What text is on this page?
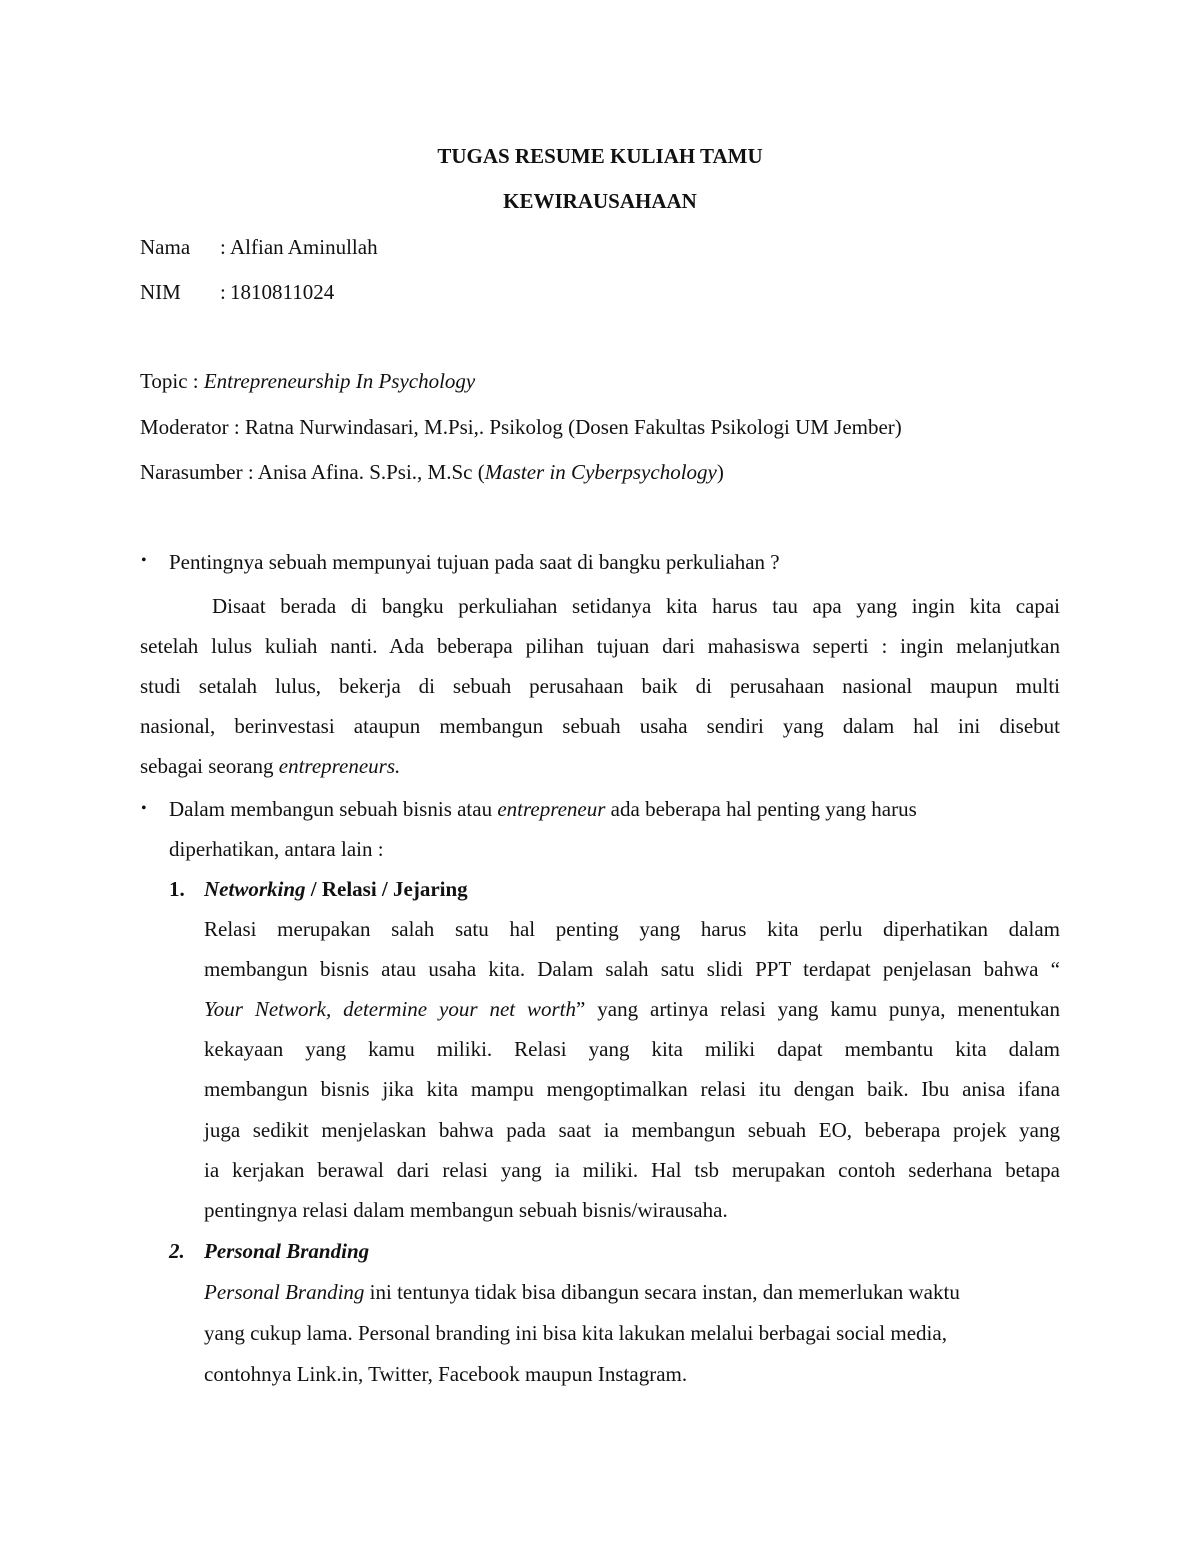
TUGAS RESUME KULIAH TAMU
KEWIRAUSAHAAN
Nama : Alfian Aminullah
NIM : 1810811024
Topic : Entrepreneurship In Psychology
Moderator : Ratna Nurwindasari, M.Psi,. Psikolog (Dosen Fakultas Psikologi UM Jember)
Narasumber : Anisa Afina. S.Psi., M.Sc (Master in Cyberpsychology)
• Pentingnya sebuah mempunyai tujuan pada saat di bangku perkuliahan ?
Disaat berada di bangku perkuliahan setidanya kita harus tau apa yang ingin kita capai
setelah lulus kuliah nanti. Ada beberapa pilihan tujuan dari mahasiswa seperti : ingin melanjutkan
studi setalah lulus, bekerja di sebuah perusahaan baik di perusahaan nasional maupun multi
nasional, berinvestasi ataupun membangun sebuah usaha sendiri yang dalam hal ini disebut
sebagai seorang entrepreneurs.
• Dalam membangun sebuah bisnis atau entrepreneur ada beberapa hal penting yang harus
diperhatikan, antara lain :
1. Networking / Relasi / Jejaring
Relasi merupakan salah satu hal penting yang harus kita perlu diperhatikan dalam
membangun bisnis atau usaha kita. Dalam salah satu slidi PPT terdapat penjelasan bahwa “
Your Network, determine your net worth” yang artinya relasi yang kamu punya, menentukan
kekayaan yang kamu miliki. Relasi yang kita miliki dapat membantu kita dalam
membangun bisnis jika kita mampu mengoptimalkan relasi itu dengan baik. Ibu anisa ifana
juga sedikit menjelaskan bahwa pada saat ia membangun sebuah EO, beberapa projek yang
ia kerjakan berawal dari relasi yang ia miliki. Hal tsb merupakan contoh sederhana betapa
pentingnya relasi dalam membangun sebuah bisnis/wirausaha.
2. Personal Branding
Personal Branding ini tentunya tidak bisa dibangun secara instan, dan memerlukan waktu
yang cukup lama. Personal branding ini bisa kita lakukan melalui berbagai social media,
contohnya Link.in, Twitter, Facebook maupun Instagram.
